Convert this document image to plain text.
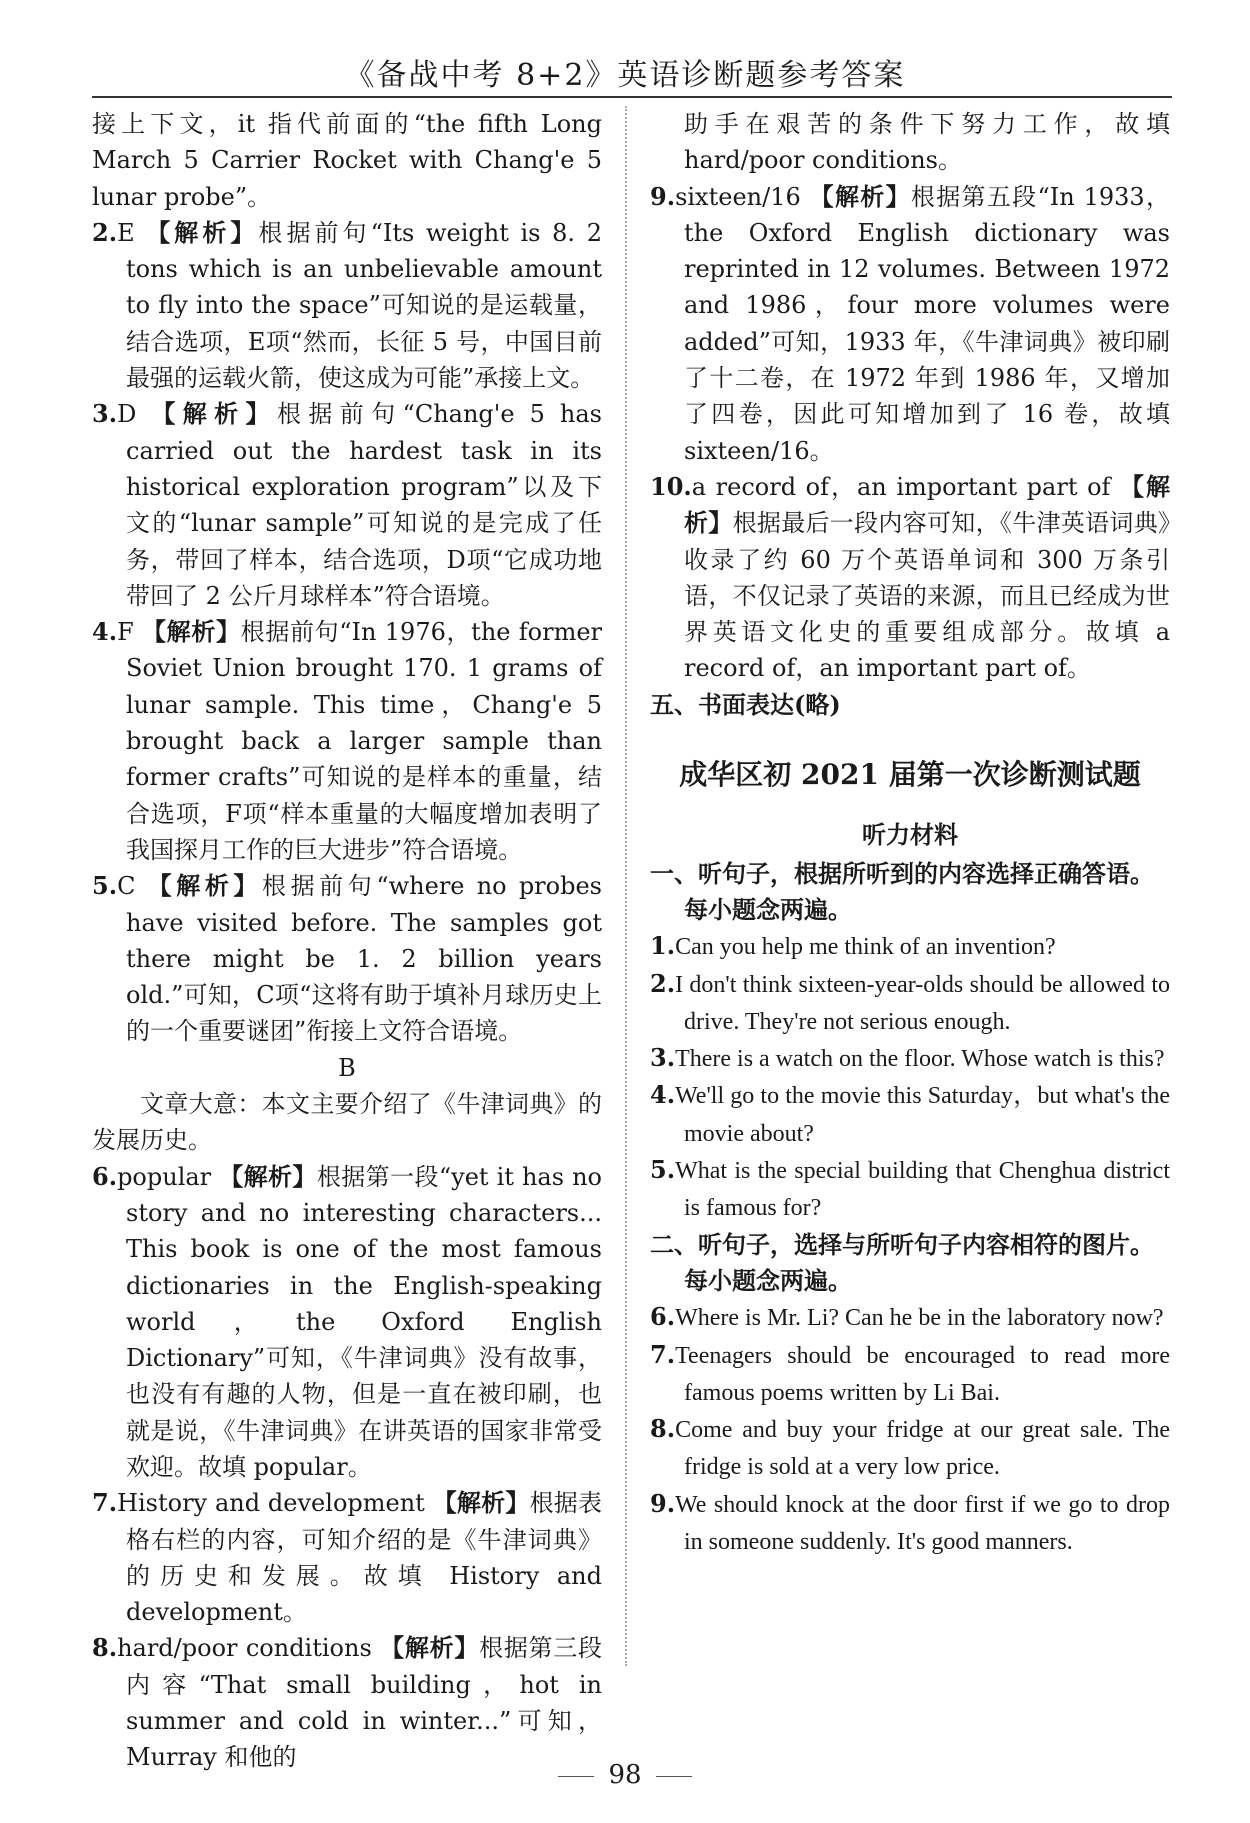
《备战中考 8+2》英语诊断题参考答案

接上下文，it 指代前面的“the fifth Long March 5 Carrier Rocket with Chang'e 5 lunar probe”。

2.E 【解析】根据前句“Its weight is 8. 2 tons which is an unbelievable amount to fly into the space”可知说的是运载量，结合选项，E项“然而，长征 5 号，中国目前最强的运载火箭，使这成为可能”承接上文。

3.D 【解析】根据前句“Chang'e 5 has carried out the hardest task in its historical exploration program”以及下文的“lunar sample”可知说的是完成了任务，带回了样本，结合选项，D项“它成功地带回了 2 公斤月球样本”符合语境。

4.F 【解析】根据前句“In 1976，the former Soviet Union brought 170. 1 grams of lunar sample. This time，Chang'e 5 brought back a larger sample than former crafts”可知说的是样本的重量，结合选项，F项“样本重量的大幅度增加表明了我国探月工作的巨大进步”符合语境。

5.C 【解析】根据前句“where no probes have visited before. The samples got there might be 1. 2 billion years old.”可知，C项“这将有助于填补月球历史上的一个重要谜团”衔接上文符合语境。

B

文章大意：本文主要介绍了《牛津词典》的发展历史。

6.popular 【解析】根据第一段“yet it has no story and no interesting characters... This book is one of the most famous dictionaries in the English-speaking world，the Oxford English Dictionary”可知，《牛津词典》没有故事，也没有有趣的人物，但是一直在被印刷，也就是说，《牛津词典》在讲英语的国家非常受欢迎。故填 popular。

7.History and development 【解析】根据表格右栏的内容，可知介绍的是《牛津词典》的历史和发展。故填 History and development。

8.hard/poor conditions 【解析】根据第三段内容“That small building，hot in summer and cold in winter...”可知，Murray 和他的

助手在艰苦的条件下努力工作，故填 hard/poor conditions。

9.sixteen/16 【解析】根据第五段“In 1933，the Oxford English dictionary was reprinted in 12 volumes. Between 1972 and 1986，four more volumes were added”可知，1933 年，《牛津词典》被印刷了十二卷，在 1972 年到 1986 年，又增加了四卷，因此可知增加到了 16 卷，故填 sixteen/16。

10.a record of，an important part of 【解析】根据最后一段内容可知，《牛津英语词典》收录了约 60 万个英语单词和 300 万条引语，不仅记录了英语的来源，而且已经成为世界英语文化史的重要组成部分。故填 a record of，an important part of。

五、书面表达(略)

成华区初 2021 届第一次诊断测试题
听力材料

一、听句子，根据所听到的内容选择正确答语。

每小题念两遍。

1.Can you help me think of an invention?

2.I don't think sixteen-year-olds should be allowed to drive. They're not serious enough.

3.There is a watch on the floor. Whose watch is this?

4.We'll go to the movie this Saturday，but what's the movie about?

5.What is the special building that Chenghua district is famous for?

二、听句子，选择与所听句子内容相符的图片。

每小题念两遍。

6.Where is Mr. Li? Can he be in the laboratory now?

7.Teenagers should be encouraged to read more famous poems written by Li Bai.

8.Come and buy your fridge at our great sale. The fridge is sold at a very low price.

9.We should knock at the door first if we go to drop in someone suddenly. It's good manners.

98
